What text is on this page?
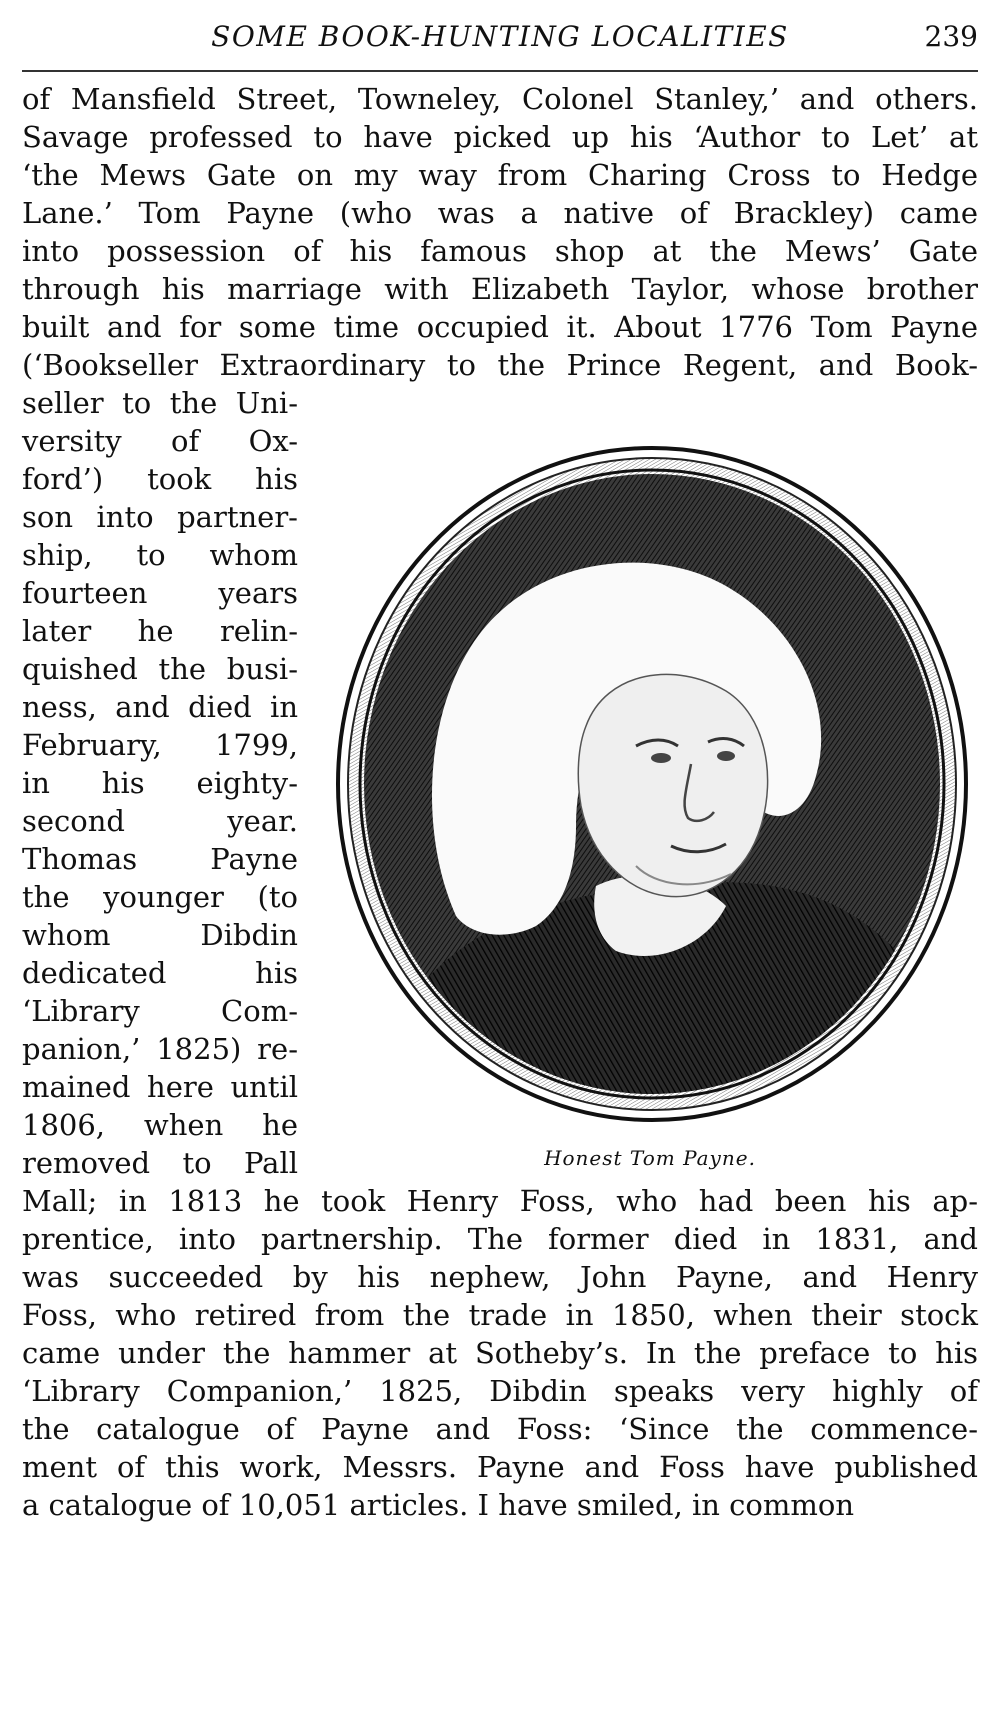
SOME BOOK-HUNTING LOCALITIES	239
of Mansfield Street, Towneley, Colonel Stanley,’ and others.
Savage professed to have picked up his ‘Author to Let’ at
‘the Mews Gate on my way from Charing Cross to Hedge
Lane.’ Tom Payne (who was a native of Brackley) came
into possession of his famous shop at the Mews’ Gate
through his marriage with Elizabeth Taylor, whose brother
built and for some time occupied it. About 1776 Tom Payne
(‘Bookseller Extraordinary to the Prince Regent, and Book-
seller to the Uni-
versity of Ox-
ford’) took his
son into partner-
ship, to whom
fourteen years
later he relin-
quished the busi-
ness, and died in
February, 1799,
in his eighty-
second year.
Thomas Payne
the younger (to
whom Dibdin
dedicated his
‘Library Com-
panion,’ 1825) re-
mained here until
1806, when he
removed to Pall
Mall; in 1813 he took Henry Foss, who had been his ap-
prentice, into partnership. The former died in 1831, and
was succeeded by his nephew, John Payne, and Henry
Foss, who retired from the trade in 1850, when their stock
came under the hammer at Sotheby’s. In the preface to his
‘Library Companion,’ 1825, Dibdin speaks very highly of
the catalogue of Payne and Foss: ‘Since the commence-
ment of this work, Messrs. Payne and Foss have published
a catalogue of 10,051 articles. I have smiled, in common
Honest Tom Payne.
